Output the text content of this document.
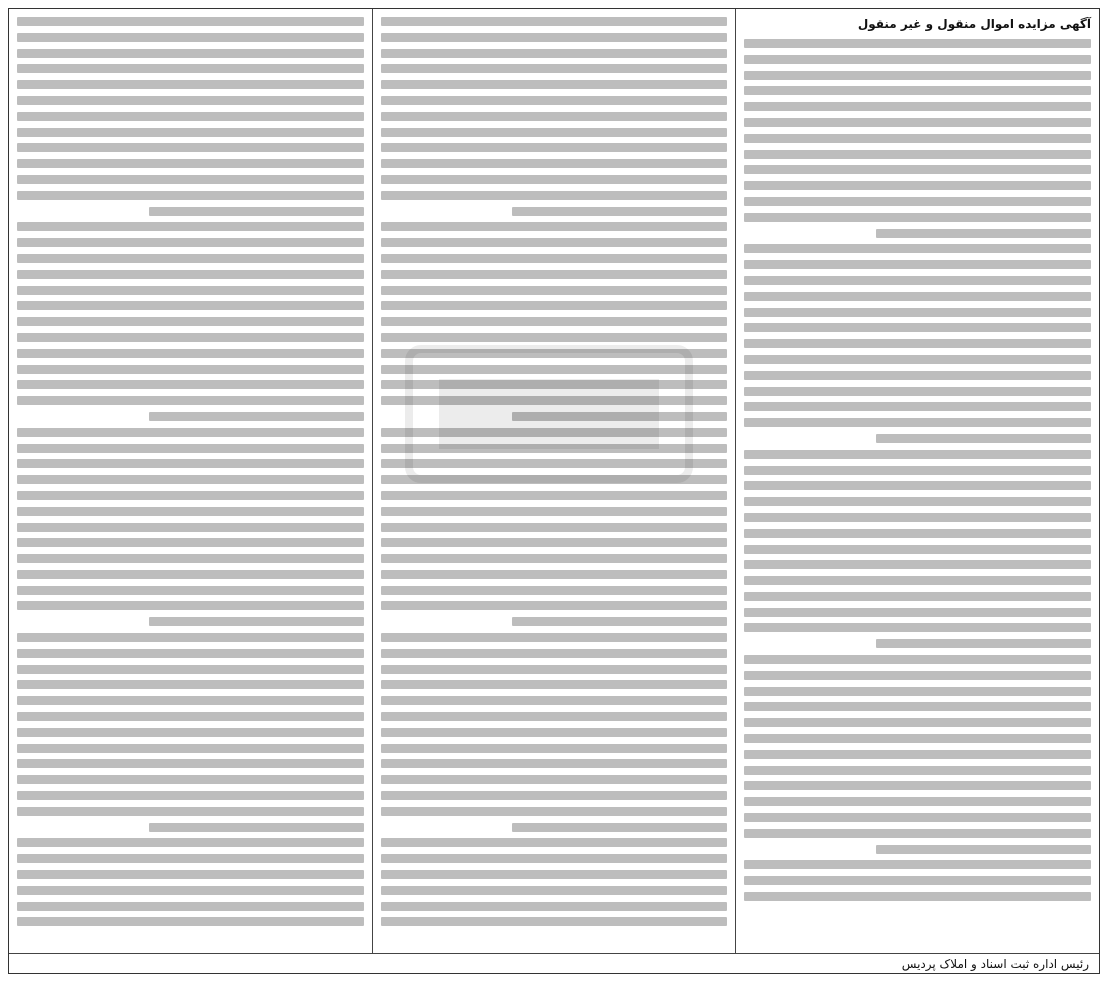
آگهی مزایده اموال منقول و غیر منقول
رئیس اداره ثبت اسناد و املاک پردیس
